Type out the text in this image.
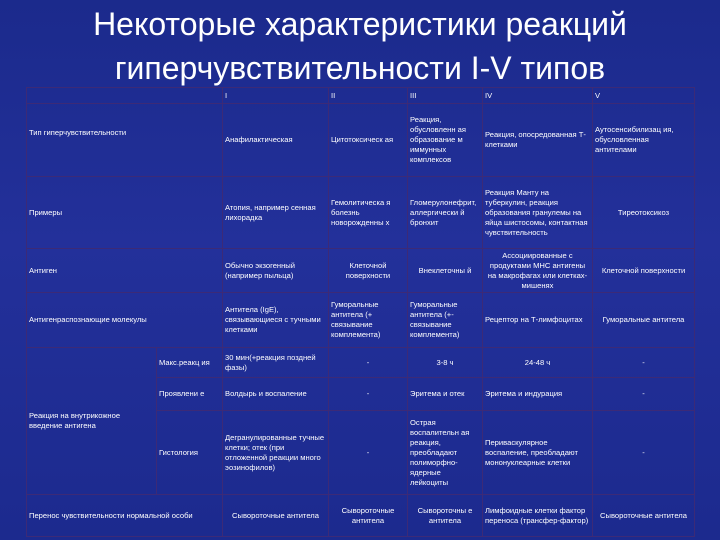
Некоторые характеристики реакций гиперчувствительности I-V типов
		I	II	III	IV	V
Тип гиперчувствительности		Анафилактическая	Цитотоксическ ая	Реакция, обусловленн ая образование м иммунных комплексов	Реакция, опосредованная Т-клетками	Аутосенсибилизац ия, обусловленная антителами
Примеры		Атопия, например сенная лихорадка	Гемолитическа я болезнь новорожденны х	Гломерулонефрит, аллергически й бронхит	Реакция Манту на туберкулин, реакция образования гранулемы на яйца шистосомы, контактная чувствительность	Тиреотоксикоз
Антиген		Обычно экзогенный (например пыльца)	Клеточной поверхности	Внеклеточны й	Ассоциированные с продуктами MHC антигены на макрофагах или клетках-мишенях	Клеточной поверхности
Антигенраспознающие молекулы		Антитела (IgE), связывающиеся с тучными клетками	Гуморальные антитела (+ связывание комплемента)	Гуморальные антитела (+- связывание комплемента)	Рецептор на Т-лимфоцитах	Гуморальные антитела
Реакция на внутрикожное введение антигена	Макс.реакц ия	30 мин(+реакция поздней фазы)	-	3-8 ч	24-48 ч	-
	Проявлени е	Волдырь и воспаление	-	Эритема и отек	Эритема и индурация	-
	Гистология	Дегранулированные тучные клетки; отек (при отложенной реакции много эозинофилов)	-	Острая воспалительн ая реакция, преобладают полиморфно-ядерные лейкоциты	Периваскулярное воспаление, преобладают мононуклеарные клетки	-
Перенос чувствительности нормальной особи		Сывороточные антитела	Сывороточные антитела	Сывороточны е антитела	Лимфоидные клетки фактор переноса (трансфер-фактор)	Сывороточные антитела
